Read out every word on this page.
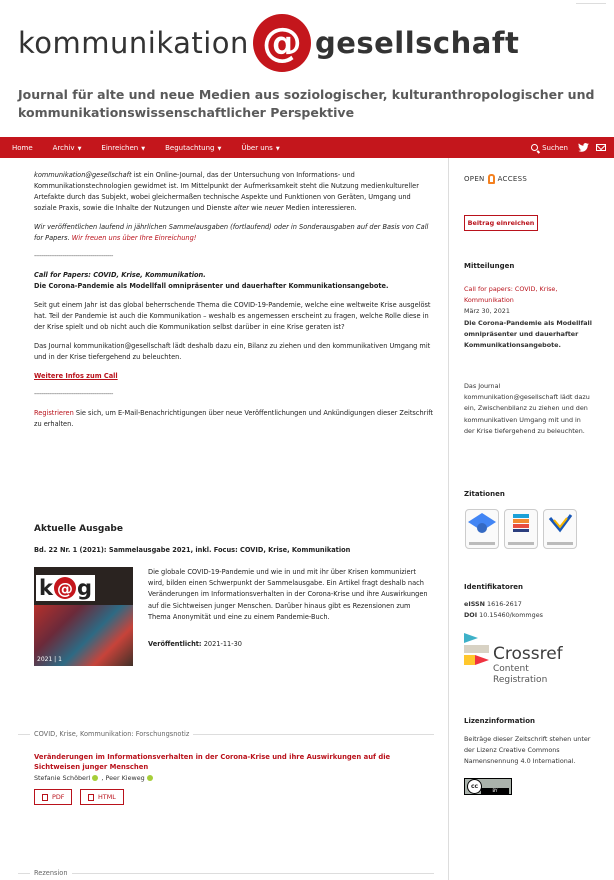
kommunikation @ gesellschaft
Journal für alte und neue Medien aus soziologischer, kulturanthropologischer und kommunikationswissenschaftlicher Perspektive
Home	Archiv ▼	Einreichen ▼	Begutachtung ▼	Über uns ▼	Suchen

kommunikation@gesellschaft ist ein Online-Journal, das der Untersuchung von Informations- und Kommunikationstechnologien gewidmet ist. Im Mittelpunkt der Aufmerksamkeit steht die Nutzung medienkultureller Artefakte durch das Subjekt, wobei gleichermaßen technische Aspekte und Funktionen von Geräten, Umgang und soziale Praxis, sowie die Inhalte der Nutzungen und Dienste alter wie neuer Medien interessieren.

Wir veröffentlichen laufend in jährlichen Sammelausgaben (fortlaufend) oder in Sonderausgaben auf der Basis von Call for Papers. Wir freuen uns über Ihre Einreichung!

------------------------------------------

Call for Papers: COVID, Krise, Kommunikation.

Die Corona-Pandemie als Modellfall omnipräsenter und dauerhafter Kommunikationsangebote.

Seit gut einem Jahr ist das global beherrschende Thema die COVID-19-Pandemie, welche eine weltweite Krise ausgelöst hat. Teil der Pandemie ist auch die Kommunikation – weshalb es angemessen erscheint zu fragen, welche Rolle diese in der Krise spielt und ob nicht auch die Kommunikation selbst darüber in eine Krise geraten ist?

Das Journal kommunikation@gesellschaft lädt deshalb dazu ein, Bilanz zu ziehen und den kommunikativen Umgang mit und in der Krise tiefergehend zu beleuchten.

Weitere Infos zum Call

------------------------------------------

Registrieren Sie sich, um E-Mail-Benachrichtigungen über neue Veröffentlichungen und Ankündigungen dieser Zeitschrift zu erhalten.

Aktuelle Ausgabe
Bd. 22 Nr. 1 (2021): Sammelausgabe 2021, inkl. Focus: COVID, Krise, Kommunikation
k @ g
2021 | 1
Die globale COVID-19-Pandemie und wie in und mit ihr über Krisen kommuniziert wird, bilden einen Schwerpunkt der Sammelausgabe. Ein Artikel fragt deshalb nach Veränderungen im Informationsverhalten in der Corona-Krise und ihre Auswirkungen auf die Sichtweisen junger Menschen. Darüber hinaus gibt es Rezensionen zum Thema Anonymität und eine zu einem Pandemie-Buch.
Veröffentlicht: 2021-11-30
COVID, Krise, Kommunikation: Forschungsnotiz
Veränderungen im Informationsverhalten in der Corona-Krise und ihre Auswirkungen auf die Sichtweisen junger Menschen
Stefanie Schöberl ,
Peer Kieweg
PDF	HTML
Rezension
OPEN ACCESS
Beitrag einreichen
Mitteilungen
Call for papers: COVID, Krise, Kommunikation
März 30, 2021
Die Corona-Pandemie als Modellfall omnipräsenter und dauerhafter Kommunikationsangebote.
Das Journal kommunikation@gesellschaft lädt dazu ein, Zwischenbilanz zu ziehen und den kommunikativen Umgang mit und in der Krise tiefergehend zu beleuchten.
Zitationen
Identifikatoren
eISSN 1616-2617
DOI 10.15460/kommges
Crossref
Content
Registration
Lizenzinformation
Beiträge dieser Zeitschrift stehen unter der Lizenz Creative Commons Namensnennung 4.0 International.
cc
BY
